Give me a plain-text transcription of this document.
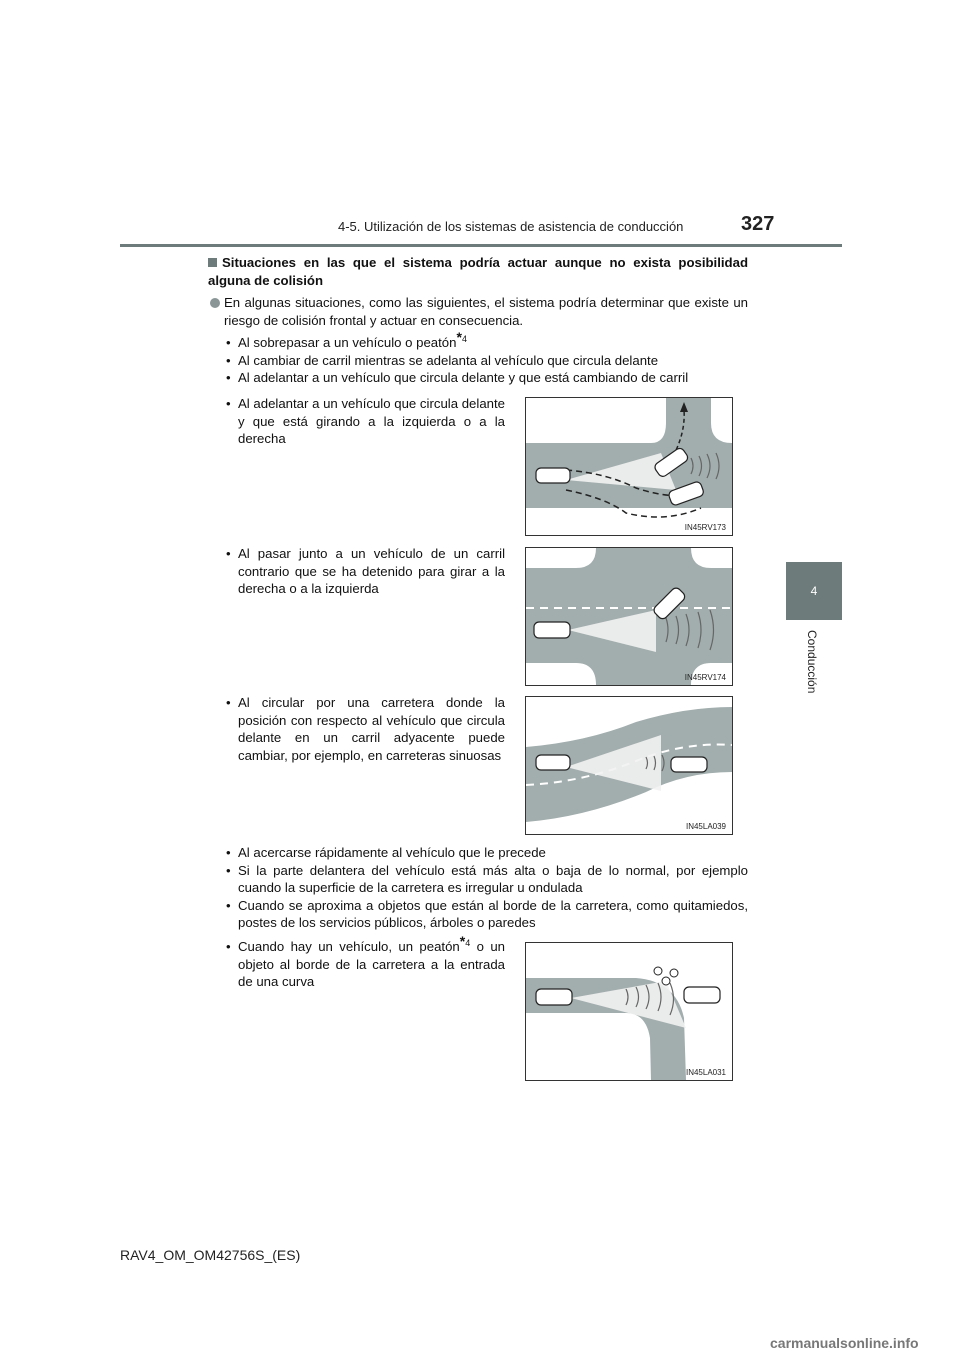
4-5. Utilización de los sistemas de asistencia de conducción	327
4
Conducción
Situaciones en las que el sistema podría actuar aunque no exista posibilidad alguna de colisión
En algunas situaciones, como las siguientes, el sistema podría determinar que existe un riesgo de colisión frontal y actuar en consecuencia.
• Al sobrepasar a un vehículo o peatón$^{*4}$
• Al cambiar de carril mientras se adelanta al vehículo que circula delante
• Al adelantar a un vehículo que circula delante y que está cambiando de carril
• Al adelantar a un vehículo que circula delante y que está girando a la izquierda o a la derecha
IN45RV173
• Al pasar junto a un vehículo de un carril contrario que se ha detenido para girar a la derecha o a la izquierda
IN45RV174
• Al circular por una carretera donde la posición con respecto al vehículo que circula delante en un carril adyacente puede cambiar, por ejemplo, en carreteras sinuosas
IN45LA039
• Al acercarse rápidamente al vehículo que le precede
• Si la parte delantera del vehículo está más alta o baja de lo normal, por ejemplo cuando la superficie de la carretera es irregular u ondulada
• Cuando se aproxima a objetos que están al borde de la carretera, como quitamiedos, postes de los servicios públicos, árboles o paredes
• Cuando hay un vehículo, un peatón$^{*4}$ o un objeto al borde de la carretera a la entrada de una curva
IN45LA031
RAV4_OM_OM42756S_(ES)
carmanualsonline.info
